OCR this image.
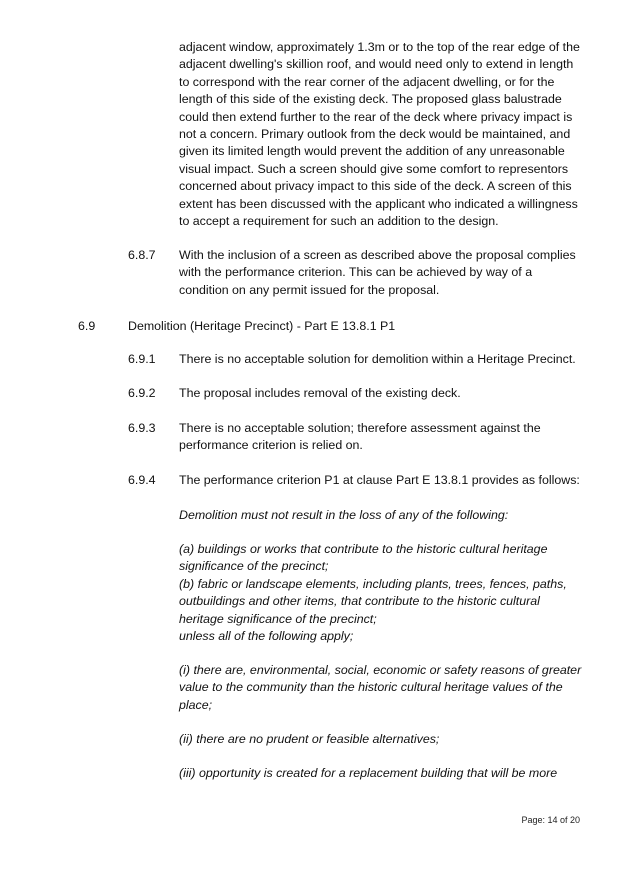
adjacent window, approximately 1.3m or to the top of the rear edge of the adjacent dwelling's skillion roof, and would need only to extend in length to correspond with the rear corner of the adjacent dwelling, or for the length of this side of the existing deck. The proposed glass balustrade could then extend further to the rear of the deck where privacy impact is not a concern. Primary outlook from the deck would be maintained, and given its limited length would prevent the addition of any unreasonable visual impact. Such a screen should give some comfort to representors concerned about privacy impact to this side of the deck. A screen of this extent has been discussed with the applicant who indicated a willingness to accept a requirement for such an addition to the design.
6.8.7 With the inclusion of a screen as described above the proposal complies with the performance criterion. This can be achieved by way of a condition on any permit issued for the proposal.
6.9	Demolition (Heritage Precinct) - Part E 13.8.1 P1
6.9.1 There is no acceptable solution for demolition within a Heritage Precinct.
6.9.2 The proposal includes removal of the existing deck.
6.9.3 There is no acceptable solution; therefore assessment against the performance criterion is relied on.
6.9.4 The performance criterion P1 at clause Part E 13.8.1 provides as follows:
Demolition must not result in the loss of any of the following:
(a) buildings or works that contribute to the historic cultural heritage significance of the precinct;
(b) fabric or landscape elements, including plants, trees, fences, paths, outbuildings and other items, that contribute to the historic cultural heritage significance of the precinct;
unless all of the following apply;
(i) there are, environmental, social, economic or safety reasons of greater value to the community than the historic cultural heritage values of the place;
(ii) there are no prudent or feasible alternatives;
(iii) opportunity is created for a replacement building that will be more
Page: 14 of 20
